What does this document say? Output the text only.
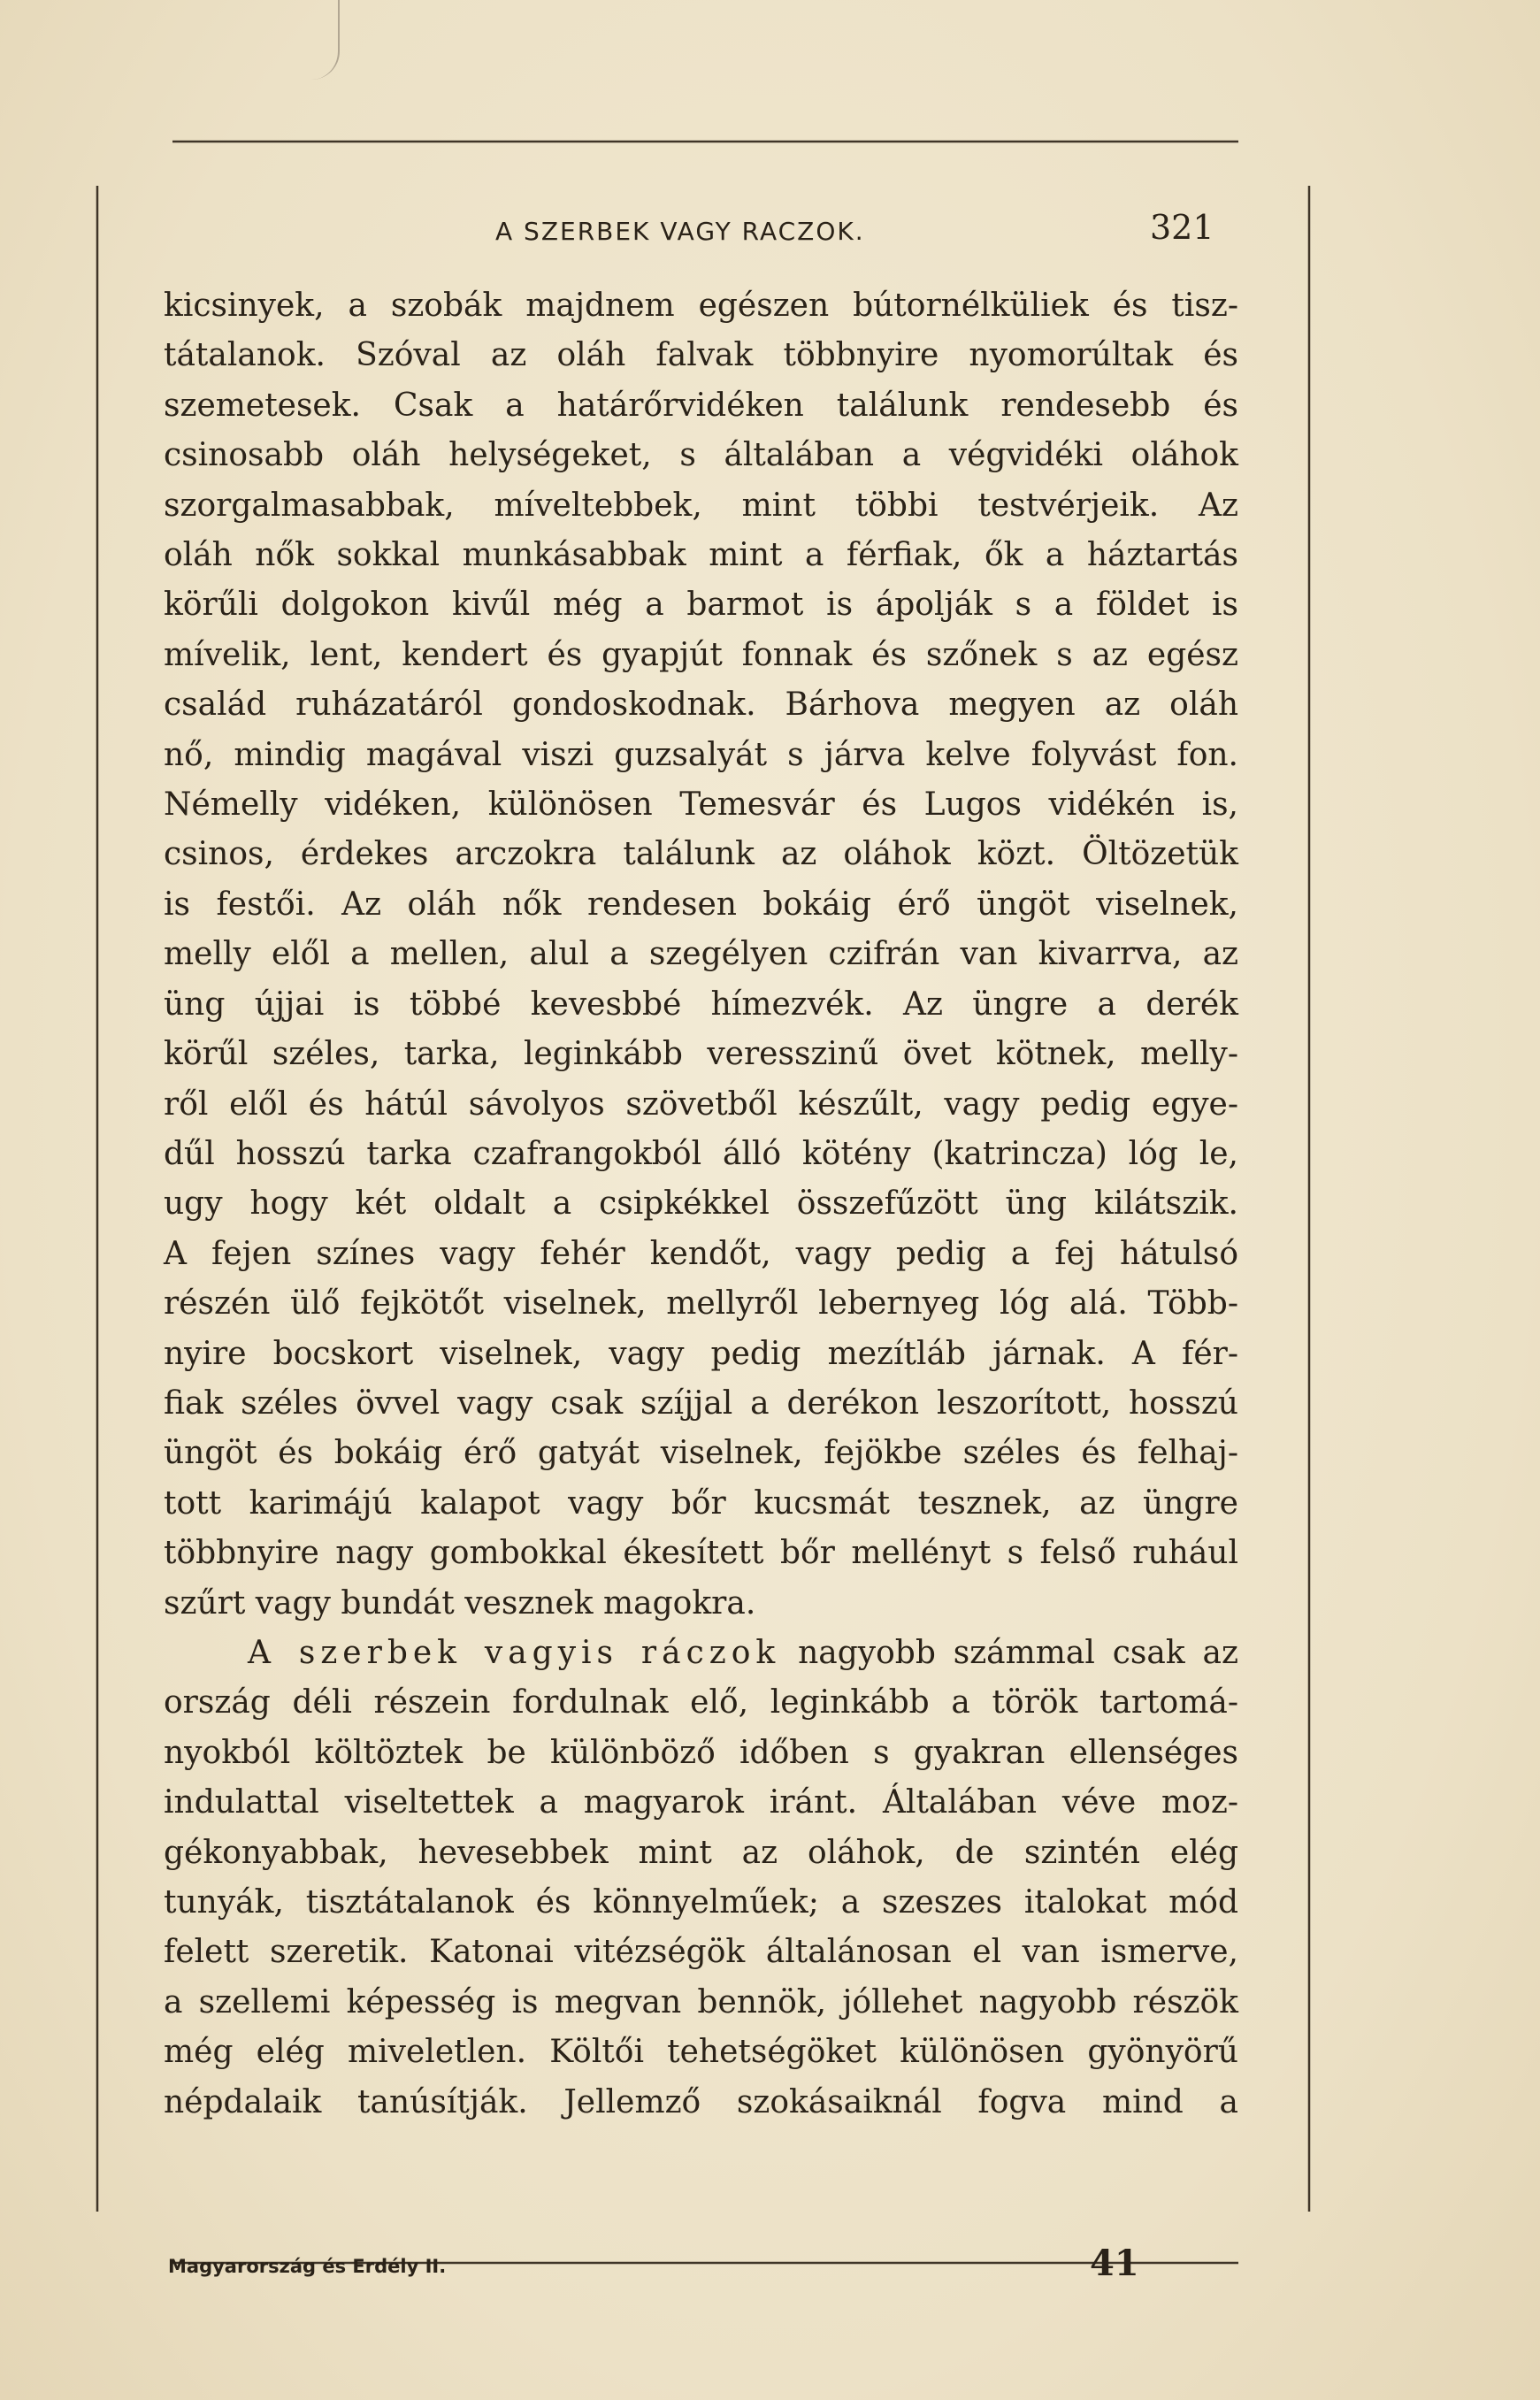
A SZERBEK VAGY RACZOK.	321
kicsinyek, a szobák majdnem egészen bútornélküliek és tisz-
tátalanok. Szóval az oláh falvak többnyire nyomorúltak és
szemetesek. Csak a határőrvidéken találunk rendesebb és
csinosabb oláh helységeket, s általában a végvidéki oláhok
szorgalmasabbak, míveltebbek, mint többi testvérjeik. Az
oláh nők sokkal munkásabbak mint a férfiak, ők a háztartás
körűli dolgokon kivűl még a barmot is ápolják s a földet is
mívelik, lent, kendert és gyapjút fonnak és szőnek s az egész
család ruházatáról gondoskodnak. Bárhova megyen az oláh
nő, mindig magával viszi guzsalyát s járva kelve folyvást fon.
Némelly vidéken, különösen Temesvár és Lugos vidékén is,
csinos, érdekes arczokra találunk az oláhok közt. Öltözetük
is festői. Az oláh nők rendesen bokáig érő üngöt viselnek,
melly elől a mellen, alul a szegélyen czifrán van kivarrva, az
üng újjai is többé kevesbbé hímezvék. Az üngre a derék
körűl széles, tarka, leginkább veresszinű övet kötnek, melly-
ről elől és hátúl sávolyos szövetből készűlt, vagy pedig egye-
dűl hosszú tarka czafrangokból álló kötény (katrincza) lóg le,
ugy hogy két oldalt a csipkékkel összefűzött üng kilátszik.
A fejen színes vagy fehér kendőt, vagy pedig a fej hátulsó
részén ülő fejkötőt viselnek, mellyről lebernyeg lóg alá. Több-
nyire bocskort viselnek, vagy pedig mezítláb járnak. A fér-
fiak széles övvel vagy csak szíjjal a derékon leszorított, hosszú
üngöt és bokáig érő gatyát viselnek, fejökbe széles és felhaj-
tott karimájú kalapot vagy bőr kucsmát tesznek, az üngre
többnyire nagy gombokkal ékesített bőr mellényt s felső ruhául
szűrt vagy bundát vesznek magokra.
A szerbek vagyis ráczok nagyobb számmal csak az
ország déli részein fordulnak elő, leginkább a török tartomá-
nyokból költöztek be különböző időben s gyakran ellenséges
indulattal viseltettek a magyarok iránt. Általában véve moz-
gékonyabbak, hevesebbek mint az oláhok, de szintén elég
tunyák, tisztátalanok és könnyelműek; a szeszes italokat mód
felett szeretik. Katonai vitézségök általánosan el van ismerve,
a szellemi képesség is megvan bennök, jóllehet nagyobb részök
még elég miveletlen. Költői tehetségöket különösen gyönyörű
népdalaik tanúsítják. Jellemző szokásaiknál fogva mind a
Magyarország és Erdély II.	41
